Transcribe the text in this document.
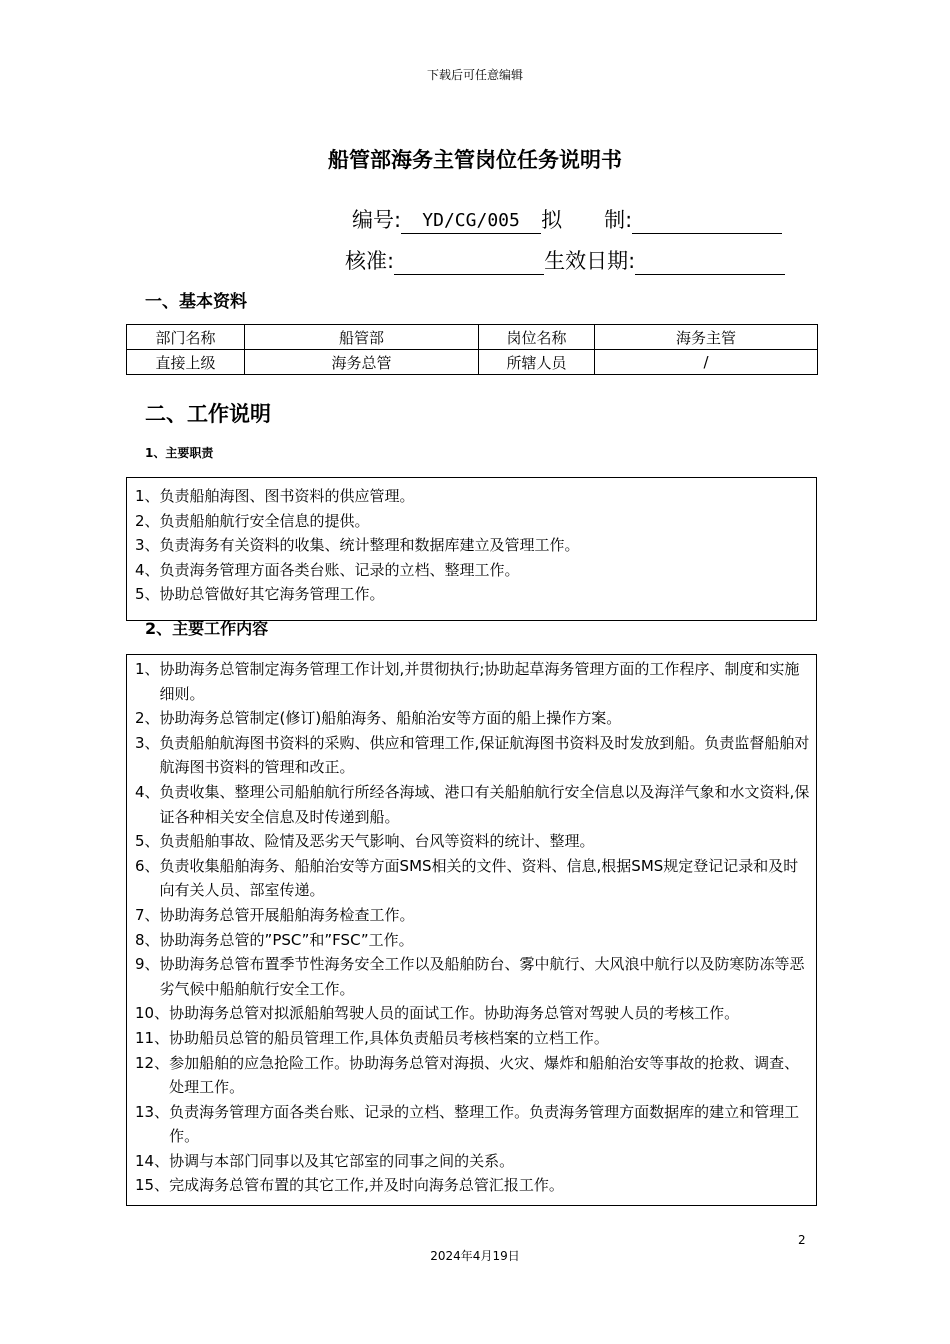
下载后可任意编辑
船管部海务主管岗位任务说明书
编号: YD/CG/005 拟　　制:
核准:	生效日期:
一、基本资料
部门名称	船管部	岗位名称	海务主管
直接上级	海务总管	所辖人员	/
二、工作说明
1、主要职责
1、 负责船舶海图、图书资料的供应管理。
2、 负责船舶航行安全信息的提供。
3、 负责海务有关资料的收集、统计整理和数据库建立及管理工作。
4、 负责海务管理方面各类台账、记录的立档、整理工作。
5、 协助总管做好其它海务管理工作。
2、主要工作内容
1、 协助海务总管制定海务管理工作计划,并贯彻执行;协助起草海务管理方面的工作程序、制度和实施细则。
2、 协助海务总管制定(修订)船舶海务、船舶治安等方面的船上操作方案。
3、 负责船舶航海图书资料的采购、供应和管理工作,保证航海图书资料及时发放到船。负责监督船舶对航海图书资料的管理和改正。
4、 负责收集、整理公司船舶航行所经各海域、港口有关船舶航行安全信息以及海洋气象和水文资料,保证各种相关安全信息及时传递到船。
5、 负责船舶事故、险情及恶劣天气影响、台风等资料的统计、整理。
6、 负责收集船舶海务、船舶治安等方面SMS相关的文件、资料、信息,根据SMS规定登记记录和及时向有关人员、部室传递。
7、 协助海务总管开展船舶海务检查工作。
8、 协助海务总管的”PSC”和”FSC”工作。
9、 协助海务总管布置季节性海务安全工作以及船舶防台、雾中航行、大风浪中航行以及防寒防冻等恶劣气候中船舶航行安全工作。
10、 协助海务总管对拟派船舶驾驶人员的面试工作。协助海务总管对驾驶人员的考核工作。
11、 协助船员总管的船员管理工作,具体负责船员考核档案的立档工作。
12、 参加船舶的应急抢险工作。协助海务总管对海损、火灾、爆炸和船舶治安等事故的抢救、调查、处理工作。
13、 负责海务管理方面各类台账、记录的立档、整理工作。负责海务管理方面数据库的建立和管理工作。
14、 协调与本部门同事以及其它部室的同事之间的关系。
15、 完成海务总管布置的其它工作,并及时向海务总管汇报工作。
2
2024年4月19日
